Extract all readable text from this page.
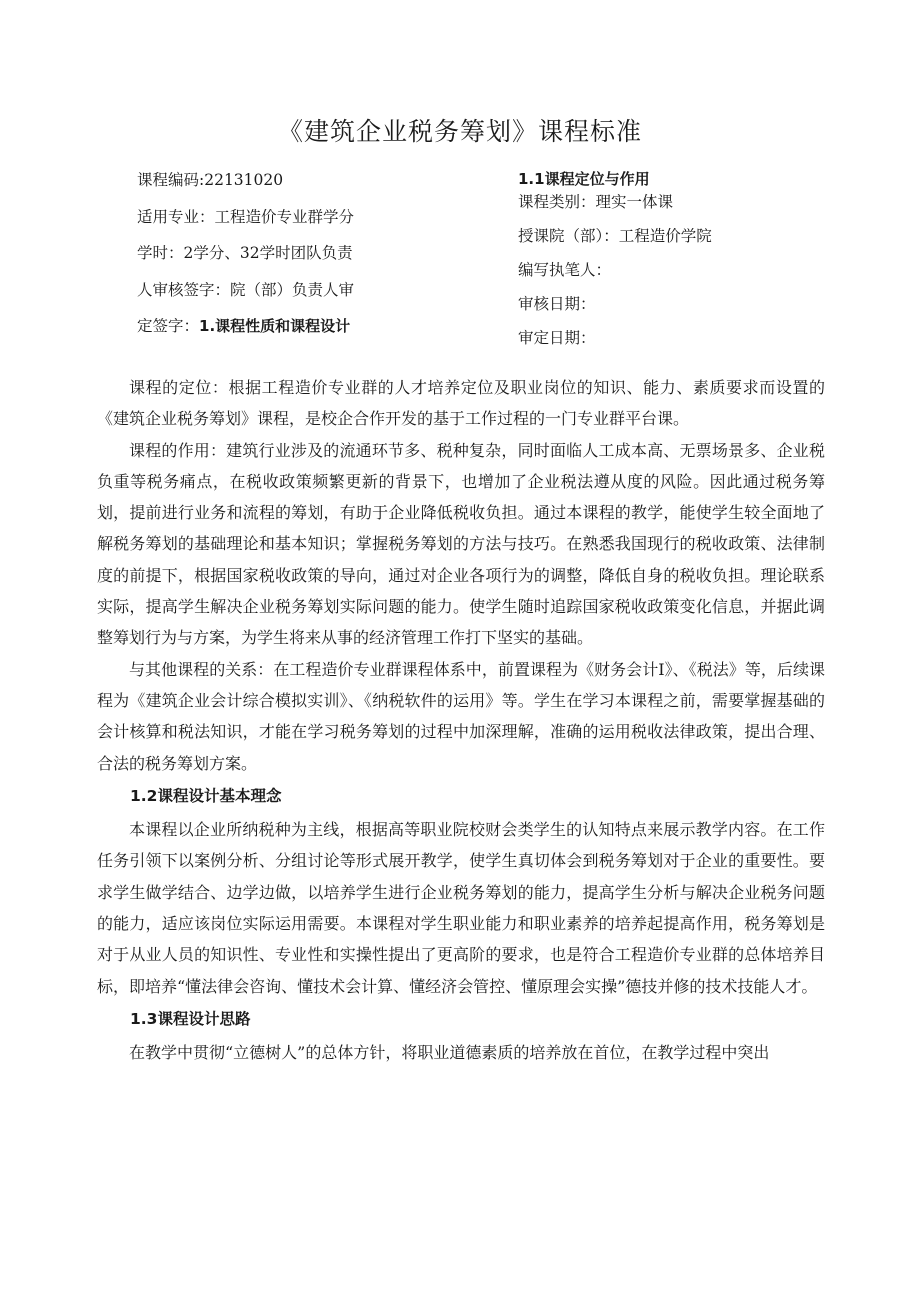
《建筑企业税务筹划》课程标准
课程编码:22131020
适用专业：工程造价专业群学分
学时：2学分、32学时团队负责
人审核签字：院（部）负责人审
定签字：1.课程性质和课程设计
1.1课程定位与作用
课程类别：理实一体课
授课院（部）：工程造价学院
编写执笔人：
审核日期：
审定日期：

课程的定位：根据工程造价专业群的人才培养定位及职业岗位的知识、能力、素质要求而设置的《建筑企业税务筹划》课程，是校企合作开发的基于工作过程的一门专业群平台课。

课程的作用：建筑行业涉及的流通环节多、税种复杂，同时面临人工成本高、无票场景多、企业税负重等税务痛点，在税收政策频繁更新的背景下，也增加了企业税法遵从度的风险。因此通过税务筹划，提前进行业务和流程的筹划，有助于企业降低税收负担。通过本课程的教学，能使学生较全面地了解税务筹划的基础理论和基本知识；掌握税务筹划的方法与技巧。在熟悉我国现行的税收政策、法律制度的前提下，根据国家税收政策的导向，通过对企业各项行为的调整，降低自身的税收负担。理论联系实际，提高学生解决企业税务筹划实际问题的能力。使学生随时追踪国家税收政策变化信息，并据此调整筹划行为与方案，为学生将来从事的经济管理工作打下坚实的基础。

与其他课程的关系：在工程造价专业群课程体系中，前置课程为《财务会计I》、《税法》等，后续课程为《建筑企业会计综合模拟实训》、《纳税软件的运用》等。学生在学习本课程之前，需要掌握基础的会计核算和税法知识，才能在学习税务筹划的过程中加深理解，准确的运用税收法律政策，提出合理、合法的税务筹划方案。

1.2课程设计基本理念

本课程以企业所纳税种为主线，根据高等职业院校财会类学生的认知特点来展示教学内容。在工作任务引领下以案例分析、分组讨论等形式展开教学，使学生真切体会到税务筹划对于企业的重要性。要求学生做学结合、边学边做，以培养学生进行企业税务筹划的能力，提高学生分析与解决企业税务问题的能力，适应该岗位实际运用需要。本课程对学生职业能力和职业素养的培养起提高作用，税务筹划是对于从业人员的知识性、专业性和实操性提出了更高阶的要求，也是符合工程造价专业群的总体培养目标，即培养“懂法律会咨询、懂技术会计算、懂经济会管控、懂原理会实操”德技并修的技术技能人才。

1.3课程设计思路

在教学中贯彻“立德树人”的总体方针，将职业道德素质的培养放在首位，在教学过程中突出
